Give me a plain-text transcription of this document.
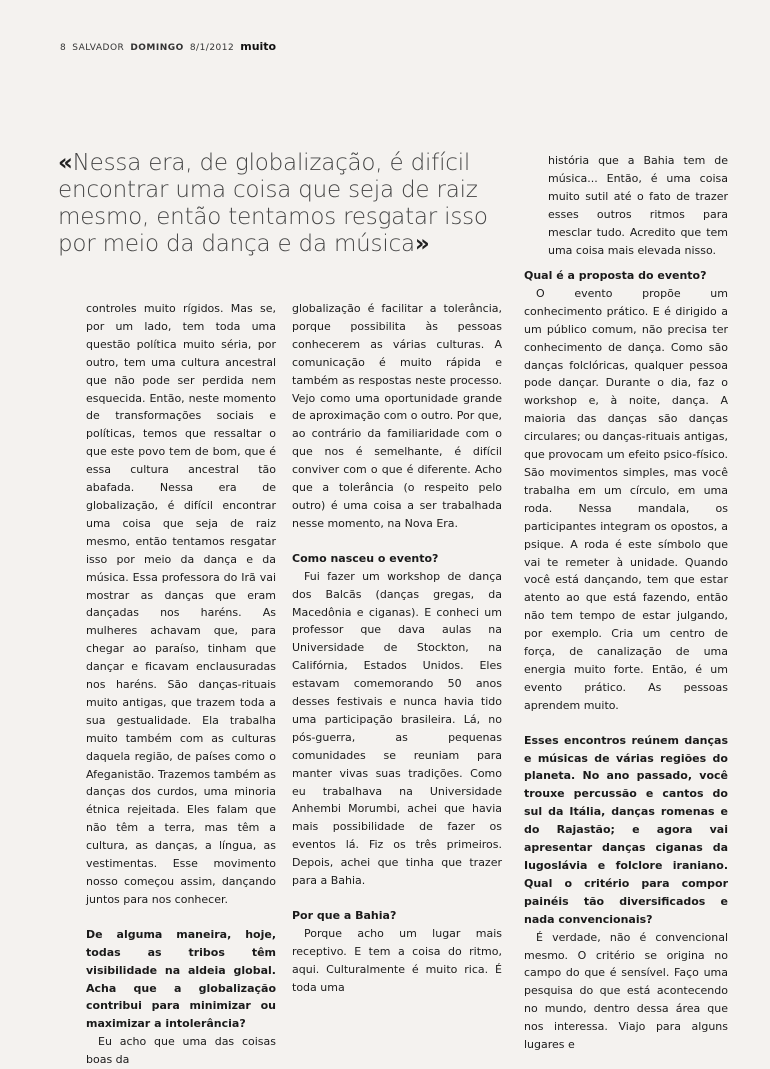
8 SALVADOR DOMINGO 8/1/2012 muito
«Nessa era, de globalização, é difícil encontrar uma coisa que seja de raiz mesmo, então tentamos resgatar isso por meio da dança e da música»

controles muito rígidos. Mas se, por um lado, tem toda uma questão política muito séria, por outro, tem uma cultura ancestral que não pode ser perdida nem esquecida. Então, neste momento de transformações sociais e políticas, temos que ressaltar o que este povo tem de bom, que é essa cultura ancestral tão abafada. Nessa era de globalização, é difícil encontrar uma coisa que seja de raiz mesmo, então tentamos resgatar isso por meio da dança e da música. Essa professora do Irã vai mostrar as danças que eram dançadas nos haréns. As mulheres achavam que, para chegar ao paraíso, tinham que dançar e ficavam enclausuradas nos haréns. São danças-rituais muito antigas, que trazem toda a sua gestualidade. Ela trabalha muito também com as culturas daquela região, de países como o Afeganistão. Trazemos também as danças dos curdos, uma minoria étnica rejeitada. Eles falam que não têm a terra, mas têm a cultura, as danças, a língua, as vestimentas. Esse movimento nosso começou assim, dançando juntos para nos conhecer.

De alguma maneira, hoje, todas as tribos têm visibilidade na aldeia global. Acha que a globalização contribui para minimizar ou maximizar a intolerância?

Eu acho que uma das coisas boas da

globalização é facilitar a tolerância, porque possibilita às pessoas conhecerem as várias culturas. A comunicação é muito rápida e também as respostas neste processo. Vejo como uma oportunidade grande de aproximação com o outro. Por que, ao contrário da familiaridade com o que nos é semelhante, é difícil conviver com o que é diferente. Acho que a tolerância (o respeito pelo outro) é uma coisa a ser trabalhada nesse momento, na Nova Era.

Como nasceu o evento?

Fui fazer um workshop de dança dos Balcãs (danças gregas, da Macedônia e ciganas). E conheci um professor que dava aulas na Universidade de Stockton, na Califórnia, Estados Unidos. Eles estavam comemorando 50 anos desses festivais e nunca havia tido uma participação brasileira. Lá, no pós-guerra, as pequenas comunidades se reuniam para manter vivas suas tradições. Como eu trabalhava na Universidade Anhembi Morumbi, achei que havia mais possibilidade de fazer os eventos lá. Fiz os três primeiros. Depois, achei que tinha que trazer para a Bahia.

Por que a Bahia?

Porque acho um lugar mais receptivo. E tem a coisa do ritmo, aqui. Culturalmente é muito rica. É toda uma

história que a Bahia tem de música... Então, é uma coisa muito sutil até o fato de trazer esses outros ritmos para mesclar tudo. Acredito que tem uma coisa mais elevada nisso.

Qual é a proposta do evento?

O evento propõe um conhecimento prático. E é dirigido a um público comum, não precisa ter conhecimento de dança. Como são danças folclóricas, qualquer pessoa pode dançar. Durante o dia, faz o workshop e, à noite, dança. A maioria das danças são danças circulares; ou danças-rituais antigas, que provocam um efeito psico-físico. São movimentos simples, mas você trabalha em um círculo, em uma roda. Nessa mandala, os participantes integram os opostos, a psique. A roda é este símbolo que vai te remeter à unidade. Quando você está dançando, tem que estar atento ao que está fazendo, então não tem tempo de estar julgando, por exemplo. Cria um centro de força, de canalização de uma energia muito forte. Então, é um evento prático. As pessoas aprendem muito.

Esses encontros reúnem danças e músicas de várias regiões do planeta. No ano passado, você trouxe percussão e cantos do sul da Itália, danças romenas e do Rajastão; e agora vai apresentar danças ciganas da Iugoslávia e folclore iraniano. Qual o critério para compor painéis tão diversificados e nada convencionais?

É verdade, não é convencional mesmo. O critério se origina no campo do que é sensível. Faço uma pesquisa do que está acontecendo no mundo, dentro dessa área que nos interessa. Viajo para alguns lugares e
